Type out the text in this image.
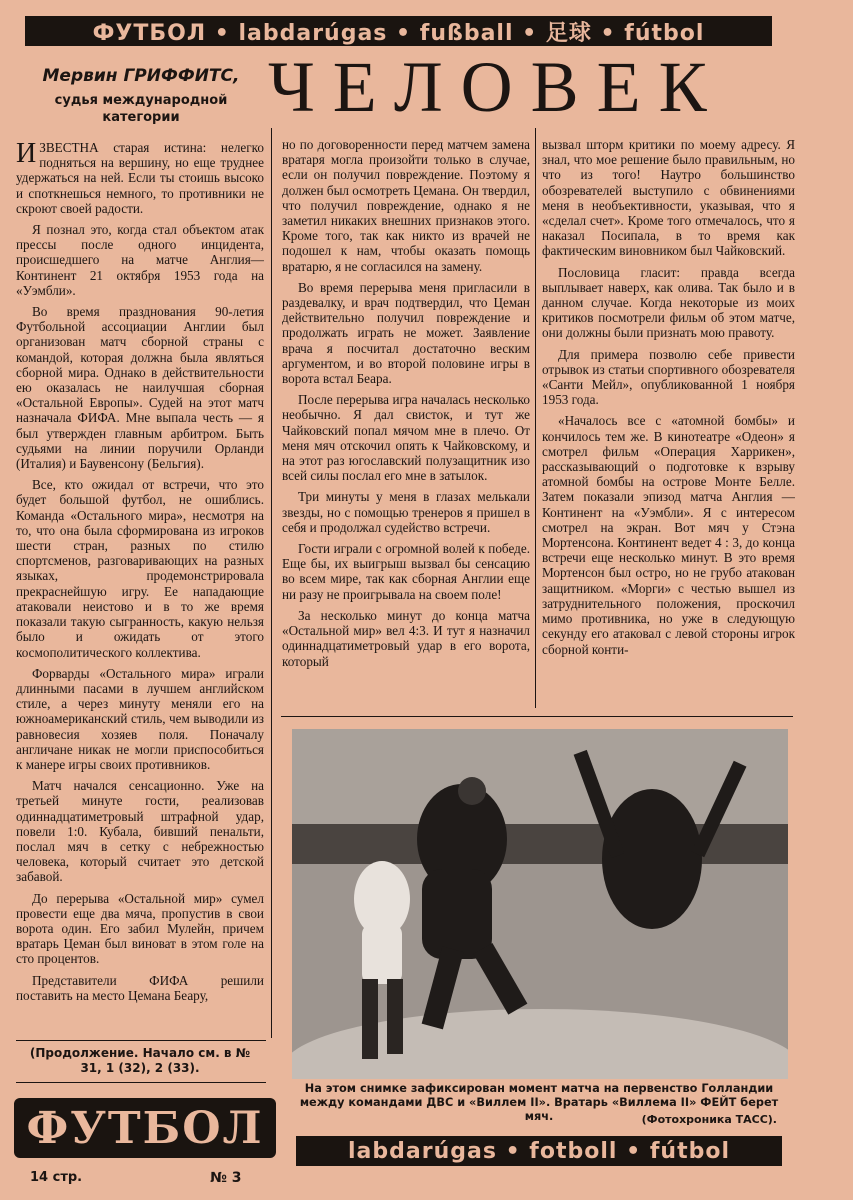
ФУТБОЛ • labdarúgas • fußball • 足球 • fútbol
Мервин ГРИФФИТС,
судья международной категории	ЧЕЛОВЕК

ИЗВЕСТНА старая истина: нелегко подняться на вершину, но еще труднее удержаться на ней. Если ты стоишь высоко и споткнешься немного, то противники не скроют своей радости.

Я познал это, когда стал объектом атак прессы после одного инцидента, происшедшего на матче Англия—Континент 21 октября 1953 года на «Уэмбли».

Во время празднования 90-летия Футбольной ассоциации Англии был организован матч сборной страны с командой, которая должна была являться сборной мира. Однако в действительности ею оказалась не наилучшая сборная «Остальной Европы». Судей на этот матч назначала ФИФА. Мне выпала честь — я был утвержден главным арбитром. Быть судьями на линии поручили Орланди (Италия) и Баувенсону (Бельгия).

Все, кто ожидал от встречи, что это будет большой футбол, не ошиблись. Команда «Остального мира», несмотря на то, что она была сформирована из игроков шести стран, разных по стилю спортсменов, разговаривающих на разных языках, продемонстрировала прекраснейшую игру. Ее нападающие атаковали неистово и в то же время показали такую сыгранность, какую нельзя было и ожидать от этого космополитического коллектива.

Форварды «Остального мира» играли длинными пасами в лучшем английском стиле, а через минуту меняли его на южноамериканский стиль, чем выводили из равновесия хозяев поля. Поначалу англичане никак не могли приспособиться к манере игры своих противников.

Матч начался сенсационно. Уже на третьей минуте гости, реализовав одиннадцатиметровый штрафной удар, повели 1:0. Кубала, бивший пенальти, послал мяч в сетку с небрежностью человека, который считает это детской забавой.

До перерыва «Остальной мир» сумел провести еще два мяча, пропустив в свои ворота один. Его забил Мулейн, причем вратарь Цеман был виноват в этом голе на сто процентов.

Представители ФИФА решили поставить на место Цемана Беару,

но по договоренности перед матчем замена вратаря могла произойти только в случае, если он получил повреждение. Поэтому я должен был осмотреть Цемана. Он твердил, что получил повреждение, однако я не заметил никаких внешних признаков этого. Кроме того, так как никто из врачей не подошел к нам, чтобы оказать помощь вратарю, я не согласился на замену.

Во время перерыва меня пригласили в раздевалку, и врач подтвердил, что Цеман действительно получил повреждение и продолжать играть не может. Заявление врача я посчитал достаточно веским аргументом, и во второй половине игры в ворота встал Беара.

После перерыва игра началась несколько необычно. Я дал свисток, и тут же Чайковский попал мячом мне в плечо. От меня мяч отскочил опять к Чайковскому, и на этот раз югославский полузащитник изо всей силы послал его мне в затылок.

Три минуты у меня в глазах мелькали звезды, но с помощью тренеров я пришел в себя и продолжал судейство встречи.

Гости играли с огромной волей к победе. Еще бы, их выигрыш вызвал бы сенсацию во всем мире, так как сборная Англии еще ни разу не проигрывала на своем поле!

За несколько минут до конца матча «Остальной мир» вел 4:3. И тут я назначил одиннадцатиметровый удар в его ворота, который

вызвал шторм критики по моему адресу. Я знал, что мое решение было правильным, но что из того! Наутро большинство обозревателей выступило с обвинениями меня в необъективности, указывая, что я «сделал счет». Кроме того отмечалось, что я наказал Посипала, в то время как фактическим виновником был Чайковский.

Пословица гласит: правда всегда выплывает наверх, как олива. Так было и в данном случае. Когда некоторые из моих критиков посмотрели фильм об этом матче, они должны были признать мою правоту.

Для примера позволю себе привести отрывок из статьи спортивного обозревателя «Санти Мейл», опубликованной 1 ноября 1953 года.

«Началось все с «атомной бомбы» и кончилось тем же. В кинотеатре «Одеон» я смотрел фильм «Операция Харрикен», рассказывающий о подготовке к взрыву атомной бомбы на острове Монте Белле. Затем показали эпизод матча Англия — Континент на «Уэмбли». Я с интересом смотрел на экран. Вот мяч у Стэна Мортенсона. Континент ведет 4 : 3, до конца встречи еще несколько минут. В это время Мортенсон был остро, но не грубо атакован защитником. «Морги» с честью вышел из затруднительного положения, проскочил мимо противника, но уже в следующую секунду его атаковал с левой стороны игрок сборной конти-

(Продолжение. Начало см. в № 31, 1 (32), 2 (33).
На этом снимке зафиксирован момент матча на первенство Голландии между командами ДВС и «Виллем II». Вратарь «Виллема II» ФЕЙТ берет мяч.	(Фотохроника ТАСС).
ФУТБОЛ	labdarúgas • fotboll • fútbol
14 стр.	№ 3
